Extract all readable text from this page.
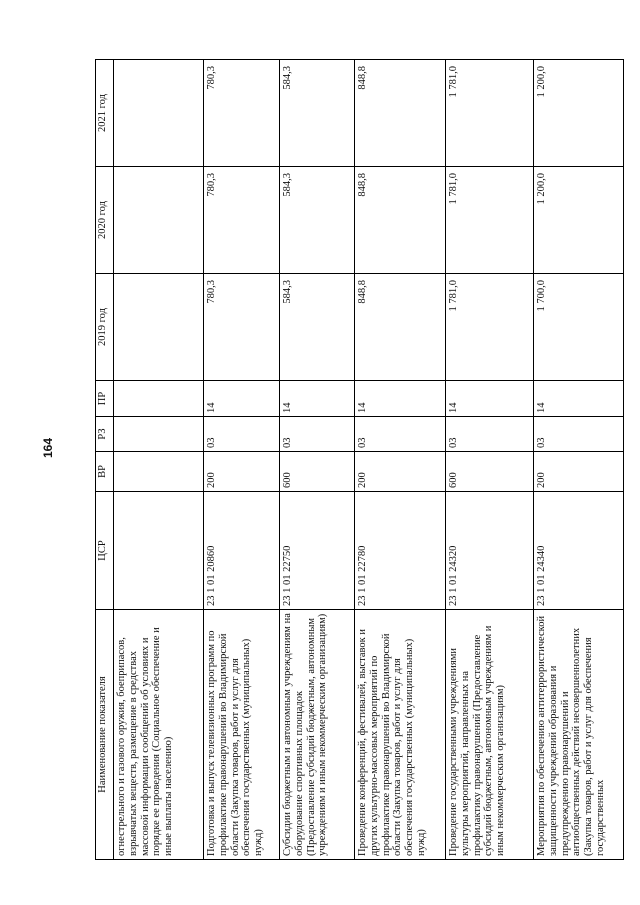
164
Наименование показателя	ЦСР	ВР	РЗ	ПР	2019 год	2020 год	2021 год
огнестрельного и газового оружия, боеприпасов, взрывчатых веществ, размещение в средствах массовой информации сообщений об условиях и порядке ее проведения (Социальное обеспечение и иные выплаты населению)							
Подготовка и выпуск телевизионных программ по профилактике правонарушений во Владимирской области (Закупка товаров, работ и услуг для обеспечения государственных (муниципальных) нужд)	23 1 01 20860	200	03	14	780,3	780,3	780,3
Субсидии бюджетным и автономным учреждениям на оборудование спортивных площадок (Предоставление субсидий бюджетным, автономным учреждениям и иным некоммерческим организациям)	23 1 01 22750	600	03	14	584,3	584,3	584,3
Проведение конференций, фестивалей, выставок и других культурно-массовых мероприятий по профилактике правонарушений во Владимирской области (Закупка товаров, работ и услуг для обеспечения государственных (муниципальных) нужд)	23 1 01 22780	200	03	14	848,8	848,8	848,8
Проведение государственными учреждениями культуры мероприятий, направленных на профилактику правонарушений (Предоставление субсидий бюджетным, автономным учреждениям и иным некоммерческим организациям)	23 1 01 24320	600	03	14	1 781,0	1 781,0	1 781,0
Мероприятия по обеспечению антитеррористической защищенности учреждений образования и предупреждению правонарушений и антиобщественных действий несовершеннолетних (Закупка товаров, работ и услуг для обеспечения государственных	23 1 01 24340	200	03	14	1 700,0	1 200,0	1 200,0
